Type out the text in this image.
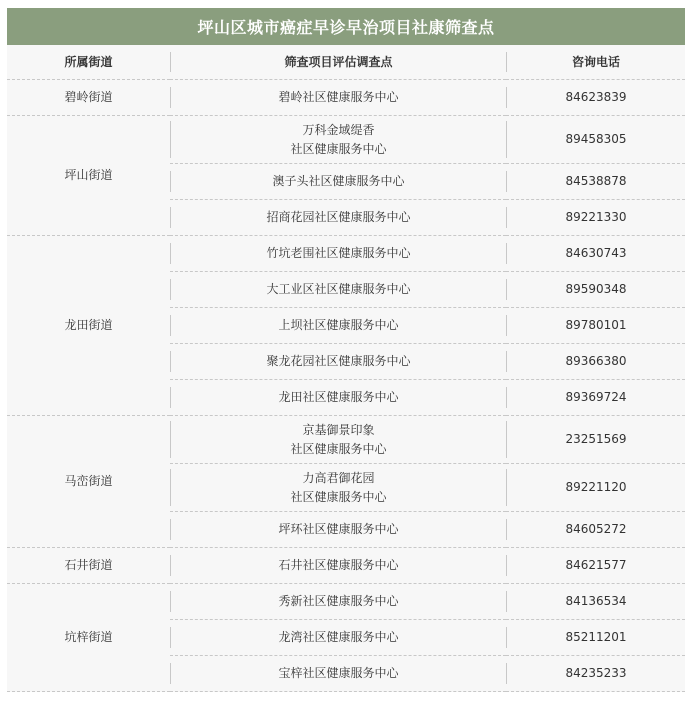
坪山区城市癌症早诊早治项目社康筛查点
所属街道	筛查项目评估调查点	咨询电话

碧岭街道	碧岭社区健康服务中心	84623839

坪山街道	万科金域缇香
社区健康服务中心	89458305

澳子头社区健康服务中心	84538878

招商花园社区健康服务中心	89221330

龙田街道	竹坑老围社区健康服务中心	84630743

大工业区社区健康服务中心	89590348

上坝社区健康服务中心	89780101

聚龙花园社区健康服务中心	89366380

龙田社区健康服务中心	89369724

马峦街道	京基御景印象
社区健康服务中心	23251569

力高君御花园
社区健康服务中心	89221120

坪环社区健康服务中心	84605272

石井街道	石井社区健康服务中心	84621577

坑梓街道	秀新社区健康服务中心	84136534

龙湾社区健康服务中心	85211201

宝梓社区健康服务中心	84235233
